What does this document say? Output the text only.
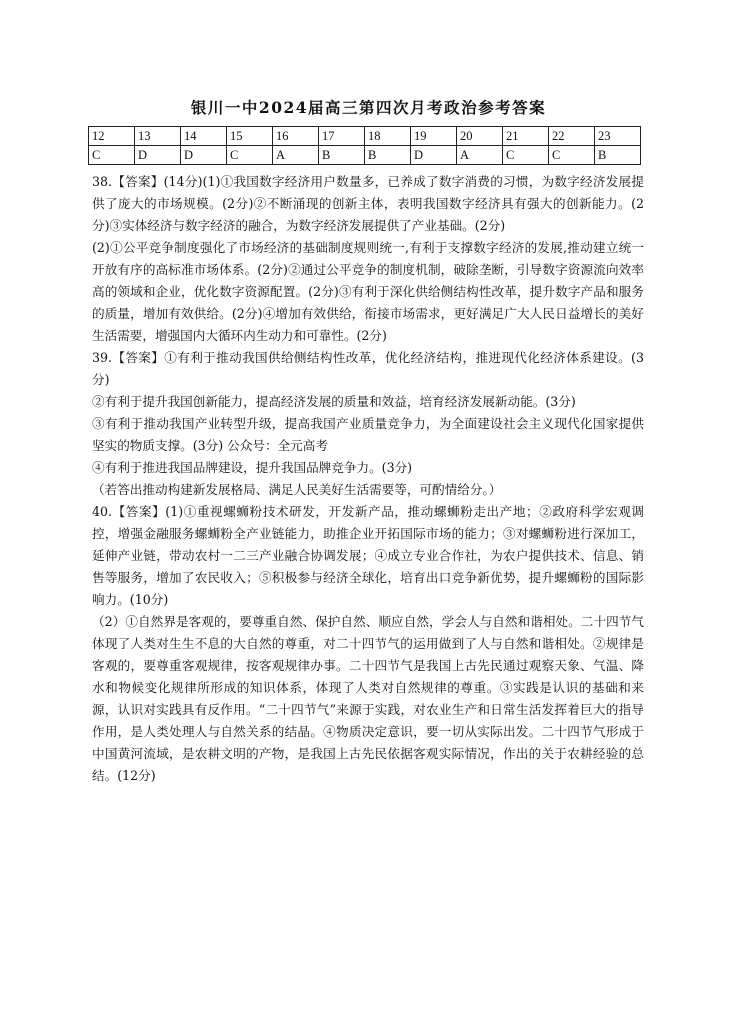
银川一中2024届高三第四次月考政治参考答案
12	13	14	15	16	17	18	19	20	21	22	23
C	D	D	C	A	B	B	D	A	C	C	B

38.【答案】(14分)(1)①我国数字经济用户数量多，已养成了数字消费的习惯，为数字经济发展提供了庞大的市场规模。(2分)②不断涌现的创新主体，表明我国数字经济具有强大的创新能力。(2分)③实体经济与数字经济的融合，为数字经济发展提供了产业基础。(2分)

(2)①公平竞争制度强化了市场经济的基础制度规则统一,有利于支撑数字经济的发展,推动建立统一开放有序的高标准市场体系。(2分)②通过公平竞争的制度机制，破除垄断，引导数字资源流向效率高的领域和企业，优化数字资源配置。(2分)③有利于深化供给侧结构性改革，提升数字产品和服务的质量，增加有效供给。(2分)④增加有效供给，衔接市场需求，更好满足广大人民日益增长的美好生活需要，增强国内大循环内生动力和可靠性。(2分)

39.【答案】①有利于推动我国供给侧结构性改革，优化经济结构，推进现代化经济体系建设。(3分)

②有利于提升我国创新能力，提高经济发展的质量和效益，培育经济发展新动能。(3分)

③有利于推动我国产业转型升级，提高我国产业质量竞争力，为全面建设社会主义现代化国家提供坚实的物质支撑。(3分) 公众号：全元高考

④有利于推进我国品牌建设，提升我国品牌竞争力。(3分)

（若答出推动构建新发展格局、满足人民美好生活需要等，可酌情给分。）

40.【答案】(1)①重视螺蛳粉技术研发，开发新产品，推动螺蛳粉走出产地；②政府科学宏观调控，增强金融服务螺蛳粉全产业链能力，助推企业开拓国际市场的能力；③对螺蛳粉进行深加工，延伸产业链，带动农村一二三产业融合协调发展；④成立专业合作社，为农户提供技术、信息、销售等服务，增加了农民收入；⑤积极参与经济全球化，培育出口竞争新优势，提升螺蛳粉的国际影响力。(10分)

（2）①自然界是客观的，要尊重自然、保护自然、顺应自然，学会人与自然和谐相处。二十四节气体现了人类对生生不息的大自然的尊重，对二十四节气的运用做到了人与自然和谐相处。②规律是客观的，要尊重客观规律，按客观规律办事。二十四节气是我国上古先民通过观察天象、气温、降水和物候变化规律所形成的知识体系，体现了人类对自然规律的尊重。③实践是认识的基础和来源，认识对实践具有反作用。“二十四节气”来源于实践，对农业生产和日常生活发挥着巨大的指导作用，是人类处理人与自然关系的结晶。④物质决定意识，要一切从实际出发。二十四节气形成于中国黄河流域，是农耕文明的产物，是我国上古先民依据客观实际情况，作出的关于农耕经验的总结。(12分)
